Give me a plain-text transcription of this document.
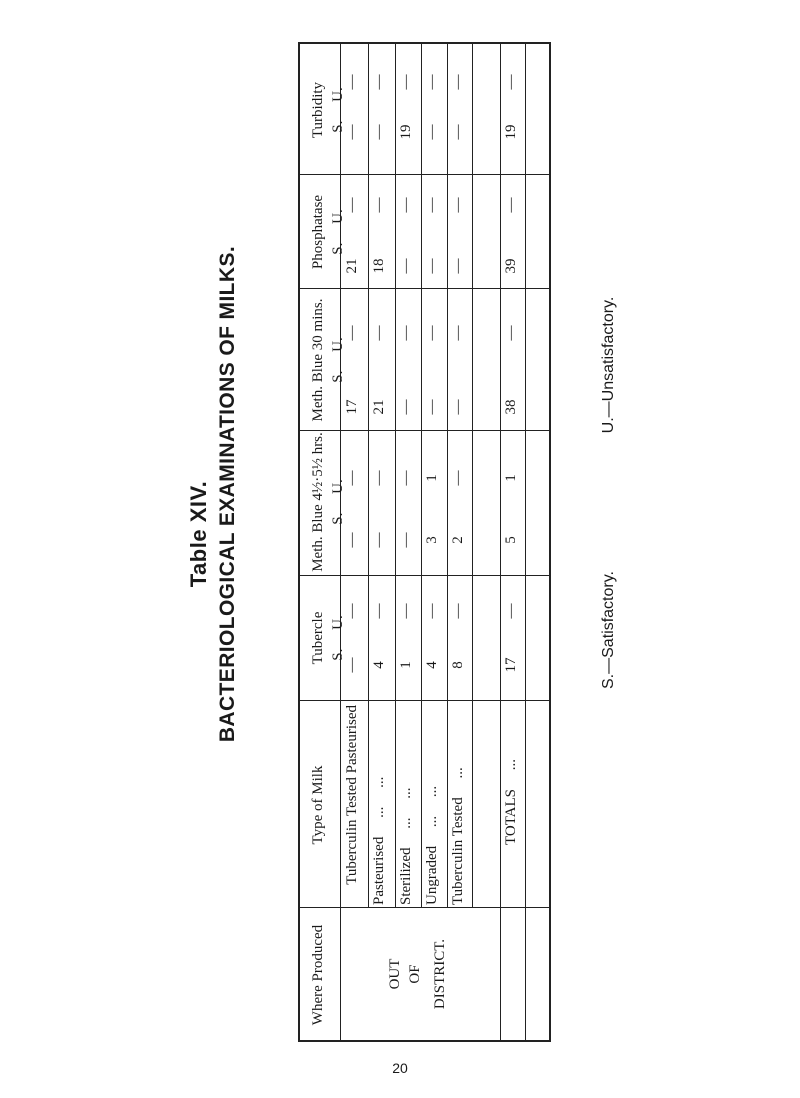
Table XIV. BACTERIOLOGICAL EXAMINATIONS OF MILKS.
Where Produced
Type of Milk
Tubercle S.     U.
Meth. Blue 4½·5½ hrs. S.     U.
Meth. Blue 30 mins. S.     U.
Phosphatase S.     U.
Turbidity S.     U.
OUT OF DISTRICT.
Tuberculin Tested Pasteurised Pasteurised     ...     ... Sterilized     ...     ... Ungraded     ...     ... Tuberculin Tested     ... TOTALS     ...
—
—
—
—
17
—
21
—
—
—
4
—
—
—
21
—
18
—
—
—
1
—
—
—
—
—
—
—
19
—
4
—
3
1
—
—
—
—
—
—
8
—
2
—
—
—
—
—
—
—
17
—
5
1
38
—
39
—
19
—
S.—Satisfactory.
U.—Unsatisfactory.
20
